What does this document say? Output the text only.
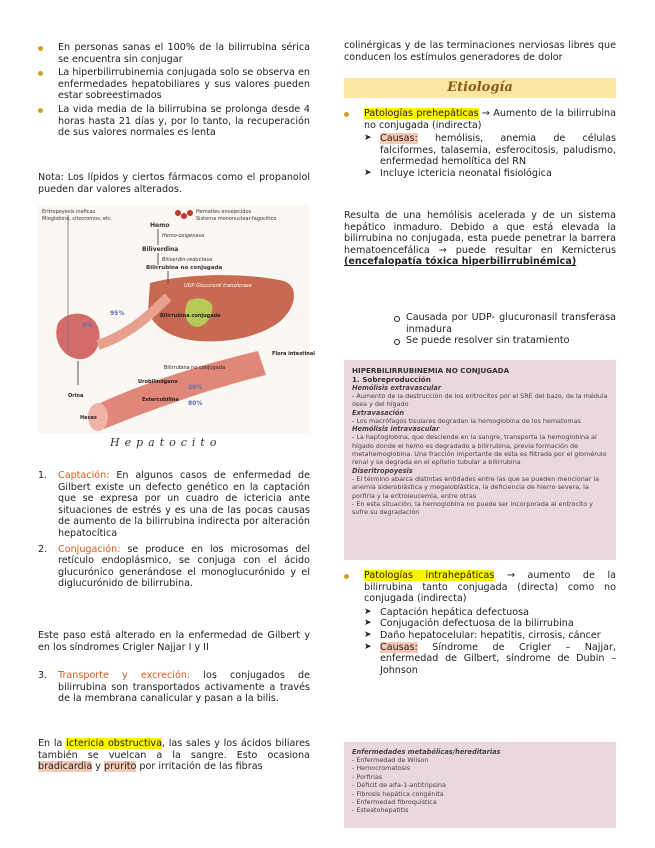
En personas sanas el 100% de la bilirrubina sérica se encuentra sin conjugar
La hiperbilirrubinemia conjugada solo se observa en enfermedades hepatobiliares y sus valores pueden estar sobreestimados
La vida media de la bilirrubina se prolonga desde 4 horas hasta 21 días y, por lo tanto, la recuperación de sus valores normales es lenta

Nota: Los lípidos y ciertos fármacos como el propanolol pueden dar valores alterados.

Eritropoyesis ineficaz
Mioglobina, citocromos, etc.
Hematíes envejecidos
Sistema mononuclear-fagocítico
Hemo
Hemo-oxigenasa
Biliverdina
Biliverdin-reductasa
Bilirrubina no conjugada
UDP Glucuronil transferasa
Bilirrubina conjugada
Bilirrubina no conjugada
Urobilinógeno
Estercobilina
Flora intestinal
Orina
Heces
95%
5%
20%
80%
Hepatocito
1. Captación: En algunos casos de enfermedad de Gilbert existe un defecto genético en la captación que se expresa por un cuadro de ictericia ante situaciones de estrés y es una de las pocas causas de aumento de la bilirrubina indirecta por alteración hepatocítica
2. Conjugación: se produce en los microsomas del retículo endoplásmico, se conjuga con el ácido glucurónico generándose el monoglucurónido y el diglucurónido de bilirrubina.

Este paso está alterado en la enfermedad de Gilbert y en los síndromes Crigler Najjar I y II

3. Transporte y excreción: los conjugados de bilirrubina son transportados activamente a través de la membrana canalicular y pasan a la bilis.

En la ictericia obstructiva, las sales y los ácidos biliares también se vuelcan a la sangre. Esto ocasiona bradicardia y prurito por irritación de las fibras

colinérgicas y de las terminaciones nerviosas libres que conducen los estímulos generadores de dolor

Etiología
Patologías prehepáticas → Aumento de la bilirrubina no conjugada (indirecta)
➤ Causas: hemólisis, anemia de células falciformes, talasemia, esferocitosis, paludismo, enfermedad hemolítica del RN
➤ Incluye ictericia neonatal fisiológica

Resulta de una hemólisis acelerada y de un sistema hepático inmaduro. Debido a que está elevada la bilirrubina no conjugada, esta puede penetrar la barrera hematoencefálica → puede resultar en Kernicterus (encefalopatía tóxica hiperbilirrubinémica)

Causada por UDP- glucuronasil transferasa inmadura
Se puede resolver sin tratamiento
HIPERBILIRRUBINEMIA NO CONJUGADA
1. Sobreproducción

Hemólisis extravascular

- Aumento de la destrucción de los eritrocitos por el SRE del bazo, de la médula ósea y del hígado

Extravasación

- Los macrófagos tisulares degradan la hemoglobina de los hematomas

Hemólisis intravascular

- La haptoglobina, que desciende en la sangre, transporta la hemoglobina al hígado donde el hemo es degradado a bilirrubina, previa formación de metahemoglobina. Una fracción importante de esta es filtrada por el glomérulo renal y se degrada en el epitelio tubular a bilirrubina

Diseritropoyesis

- El término abarca distintas entidades entre las que se pueden mencionar la anemia sideroblástica y megaloblástica, la deficiencia de hierro severa, la porfiria y la eritroleucemia, entre otras

- En esta situación, la hemoglobina no puede ser incorporada al entrocito y sufre su degradación

Patologías intrahepáticas → aumento de la bilirrubina tanto conjugada (directa) como no conjugada (indirecta)
➤ Captación hepática defectuosa
➤ Conjugación defectuosa de la bilirrubina
➤ Daño hepatocelular: hepatitis, cirrosis, cáncer
➤ Causas: Síndrome de Crigler – Najjar, enfermedad de Gilbert, síndrome de Dubin – Johnson

Enfermedades metabólicas/hereditarias

- Enfermedad de Wilson

- Hemocromatosis

- Porfirias

- Déficit de alfa-1-antitripsina

- Fibrosis hepática congénita

- Enfermedad fibroquística

- Esteatohepatitis
